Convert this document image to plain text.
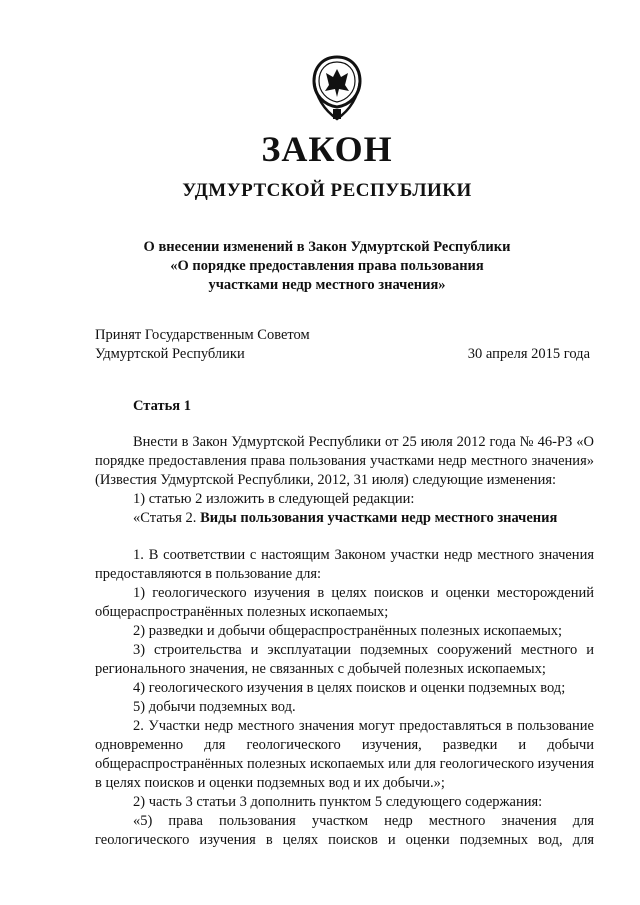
ЗАКОН
УДМУРТСКОЙ РЕСПУБЛИКИ
О внесении изменений в Закон Удмуртской Республики
«О порядке предоставления права пользования
участками недр местного значения»
Принят Государственным Советом
Удмуртской Республики	30 апреля 2015 года
Статья 1

Внести в Закон Удмуртской Республики от 25 июля 2012 года № 46-РЗ «О порядке предоставления права пользования участками недр местного значения» (Известия Удмуртской Республики, 2012, 31 июля) следующие изменения:

1) статью 2 изложить в следующей редакции:

«Статья 2. Виды пользования участками недр местного значения

1. В соответствии с настоящим Законом участки недр местного значения предоставляются в пользование для:

1) геологического изучения в целях поисков и оценки месторождений общераспространённых полезных ископаемых;

2) разведки и добычи общераспространённых полезных ископаемых;

3) строительства и эксплуатации подземных сооружений местного и регионального значения, не связанных с добычей полезных ископаемых;

4) геологического изучения в целях поисков и оценки подземных вод;

5) добычи подземных вод.

2. Участки недр местного значения могут предоставляться в пользование одновременно для геологического изучения, разведки и добычи общераспространённых полезных ископаемых или для геологического изучения в целях поисков и оценки подземных вод и их добычи.»;

2) часть 3 статьи 3 дополнить пунктом 5 следующего содержания:

«5) права пользования участком недр местного значения для геологического изучения в целях поисков и оценки подземных вод, для
